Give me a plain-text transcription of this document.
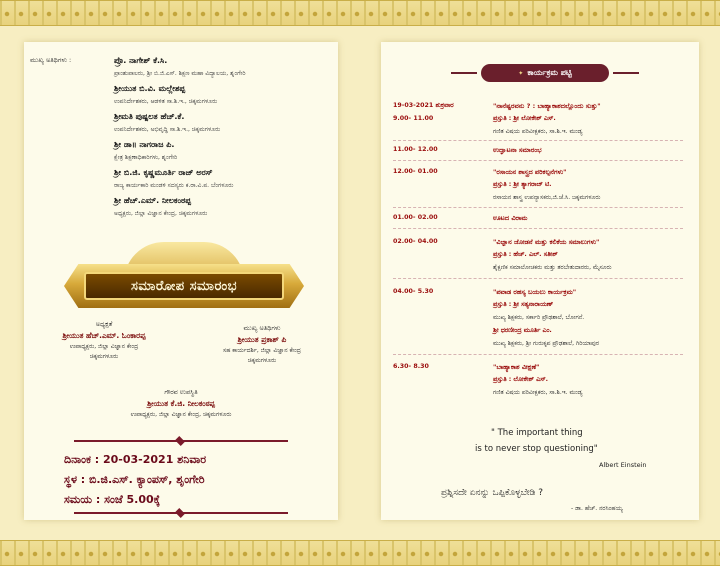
ಮುಖ್ಯ ಅತಿಥಿಗಳು :	ಪ್ರೊ. ನಾಗೇಶ್ ಕೆ.ಸಿ.
ಪ್ರಾಂಶುಪಾಲರು, ಶ್ರೀ ಬಿ.ಜಿ.ಎಸ್. ಶಿಕ್ಷಣ ಮಹಾ ವಿದ್ಯಾಲಯ, ಶೃಂಗೇರಿ
ಶ್ರೀಯುತ ಬಿ.ವಿ. ಮಲ್ಲೇಶಪ್ಪ
ಉಪನಿರ್ದೇಶಕರು, ಆಡಳಿತ ಸಾ.ಶಿ.ಇ., ಚಿಕ್ಕಮಗಳೂರು
ಶ್ರೀಮತಿ ಪುಷ್ಪಲತ ಹೆಚ್.ಕೆ.
ಉಪನಿರ್ದೇಶಕರು, ಅಭಿವೃದ್ಧಿ ಸಾ.ಶಿ.ಇ., ಚಿಕ್ಕಮಗಳೂರು
ಶ್ರೀ ಡಾ॥ ನಾಗರಾಜ ಪಿ.
ಕ್ಷೇತ್ರ ಶಿಕ್ಷಣಾಧಿಕಾರಿಗಳು, ಶೃಂಗೇರಿ
ಶ್ರೀ ಬಿ.ಜಿ. ಕೃಷ್ಣಮೂರ್ತಿ ರಾಜ್ ಅರಸ್
ರಾಜ್ಯ ಕಾರ್ಯಕಾರಿ ಮಂಡಳಿ ಸದಸ್ಯರು ಕ.ರಾ.ವಿ.ಪ. ಬೆಂಗಳೂರು
ಶ್ರೀ ಹೆಚ್.ಎಮ್. ನೀಲಕಂಠಪ್ಪ
ಅಧ್ಯಕ್ಷರು, ಜಿಲ್ಲಾ ವಿಜ್ಞಾನ ಕೇಂದ್ರ, ಚಿಕ್ಕಮಗಳೂರು
ಸಮಾರೋಪ ಸಮಾರಂಭ
ಅಧ್ಯಕ್ಷತೆ
ಶ್ರೀಯುತ ಹೆಚ್.ಎಮ್. ಓಂಕಾರಪ್ಪ
ಉಪಾಧ್ಯಕ್ಷರು, ಜಿಲ್ಲಾ ವಿಜ್ಞಾನ ಕೇಂದ್ರ
ಚಿಕ್ಕಮಗಳೂರು
ಮುಖ್ಯ ಅತಿಥಿಗಳು
ಶ್ರೀಯುತ ಪ್ರಕಾಶ್ ಪಿ
ಸಹ ಕಾರ್ಯದರ್ಶಿ, ಜಿಲ್ಲಾ ವಿಜ್ಞಾನ ಕೇಂದ್ರ
ಚಿಕ್ಕಮಗಳೂರು
ಗೌರವ ಉಪಸ್ಥಿತಿ
ಶ್ರೀಯುತ ಕೆ.ಜಿ. ನೀಲಕಂಠಪ್ಪ
ಉಪಾಧ್ಯಕ್ಷರು, ಜಿಲ್ಲಾ ವಿಜ್ಞಾನ ಕೇಂದ್ರ, ಚಿಕ್ಕಮಗಳೂರು
ದಿನಾಂಕ : 20-03-2021 ಶನಿವಾರ
ಸ್ಥಳ : ಬಿ.ಜಿ.ಎಸ್. ಕ್ಯಾಂಪಸ್, ಶೃಂಗೇರಿ
ಸಮಯ : ಸಂಜೆ 5.00ಕ್ಕೆ
✦ ಕಾರ್ಯಕ್ರಮ ಪಟ್ಟಿ
19-03-2021 ಶುಕ್ರವಾರ	"ನಾನೆಷ್ಟರವನು ? : ಬಾಹ್ಯಾಕಾಶದಲ್ಲೊಂದು ಸುತ್ತು"
9.00- 11.00	ಪ್ರಸ್ತುತಿ : ಶ್ರೀ ಲೋಕೇಶ್ ಎಸ್.
ಗಣಿತ ವಿಷಯ ಪರಿವೀಕ್ಷಕರು, ಸಾ.ಶಿ.ಇ. ಮಂಡ್ಯ
11.00- 12.00	ಉದ್ಘಾಟನಾ ಸಮಾರಂಭ
12.00- 01.00	"ರಸಾಯನ ಶಾಸ್ತ್ರದ ಪರಿಕಲ್ಪನೆಗಳು"
ಪ್ರಸ್ತುತಿ : ಶ್ರೀ ತ್ಯಾಗರಾಜ್ ಟಿ.
ರಸಾಯನ ಶಾಸ್ತ್ರ ಉಪನ್ಯಾಸಕರು,ಜಿ.ಜೆ.ಸಿ. ಜಕ್ಕಮಗಳೂರು
01.00- 02.00	ಊಟದ ವಿರಾಮ
02.00- 04.00	"ವಿಜ್ಞಾನ ಜೋಡನೆ ಮತ್ತು ಕಲಿಕೆಯ ಸಮಾಲುಗಳು"
ಪ್ರಸ್ತುತಿ : ಹೆಚ್. ಎಲ್. ಸತೀಶ್
ಶೈಕ್ಷಣಿಕ ಸಮಾಲೋಚಕರು ಮತ್ತು ತರಬೇತುದಾರರು, ಮೈಸೂರು
04.00- 5.30	"ಪವಾಡ ರಹಸ್ಯ ಬಯಲು ಕಾರ್ಯಕ್ರಮ"
ಪ್ರಸ್ತುತಿ : ಶ್ರೀ ಸತ್ಯನಾರಾಯಣ್
ಮುಖ್ಯ ಶಿಕ್ಷಕರು, ಸರ್ಕಾರಿ ಪ್ರೌಢಶಾಲೆ, ಬೋಗನೆ.
ಶ್ರೀ ಧರಣೀಂದ್ರ ಮೂರ್ತಿ ಎಂ.
ಮುಖ್ಯ ಶಿಕ್ಷಕರು, ಶ್ರೀ ಗುರುಕೃಪ ಪ್ರೌಢಶಾಲೆ, ಗಿರಿಯಾಪುರ
6.30- 8.30	"ಬಾಹ್ಯಾಕಾಶ ವೀಕ್ಷಣೆ"
ಪ್ರಸ್ತುತಿ : ಲೋಕೇಶ್ ಎಸ್.
ಗಣಿತ ವಿಷಯ ಪರಿವೀಕ್ಷಕರು, ಸಾ.ಶಿ.ಇ. ಮಂಡ್ಯ
" The important thing
is to never stop questioning"
Albert Einstein
ಪ್ರಶ್ನಿಸದೇ ಏನನ್ನು ಒಪ್ಪಿಕೊಳ್ಳಬೇಡಿ ?
- ಡಾ. ಹೆಚ್. ನರಸಿಂಹಯ್ಯ
